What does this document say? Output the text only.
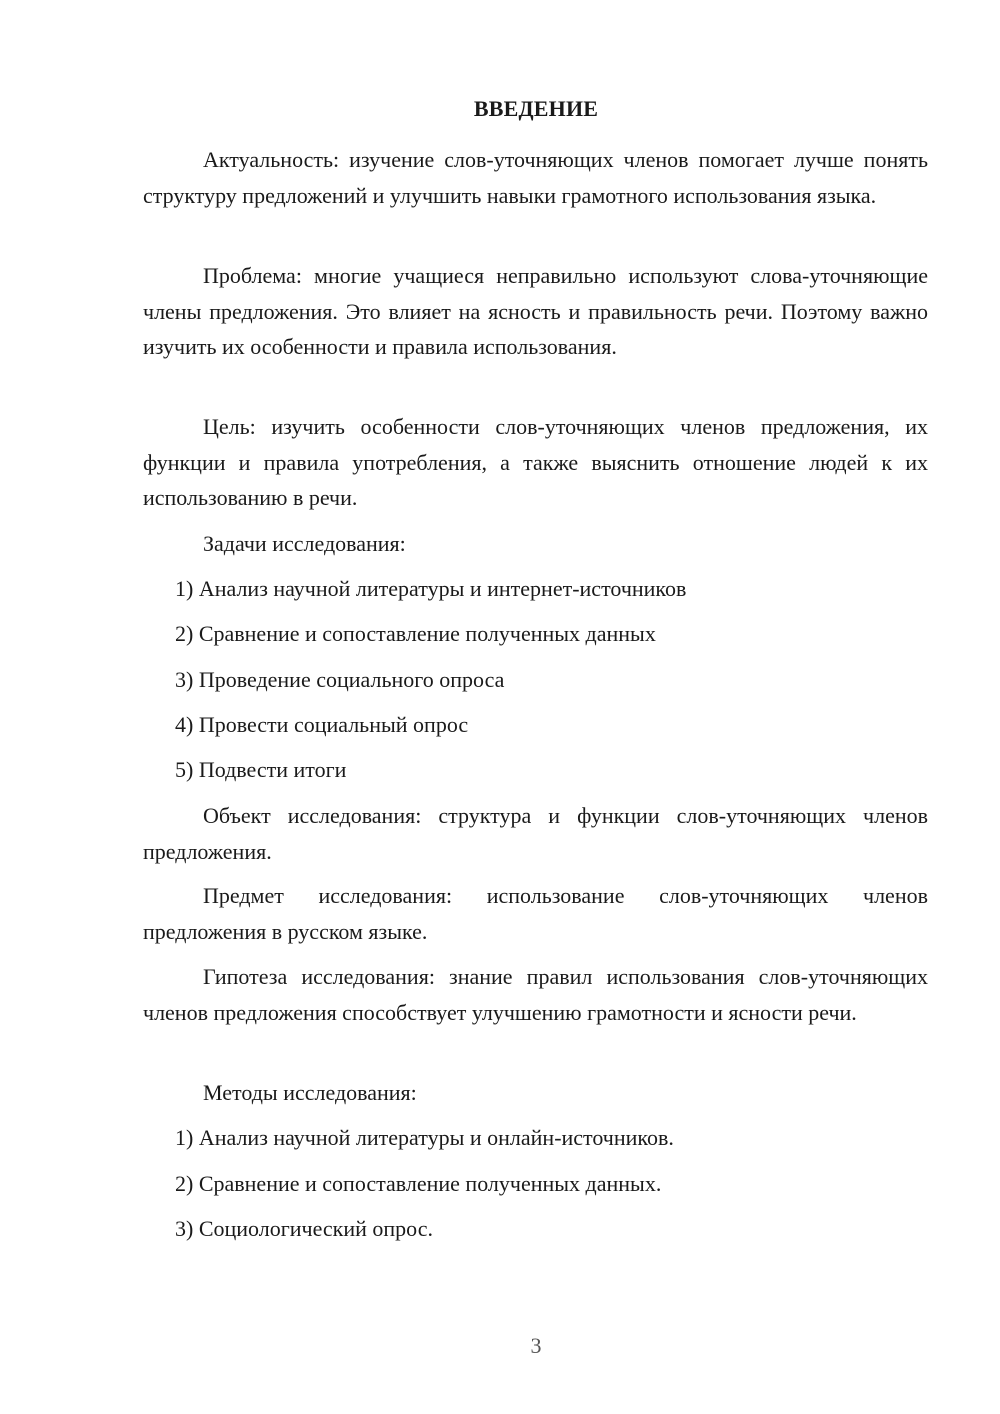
ВВЕДЕНИЕ

Актуальность: изучение слов-уточняющих членов помогает лучше понять структуру предложений и улучшить навыки грамотного использования языка.

Проблема: многие учащиеся неправильно используют слова-уточняющие члены предложения. Это влияет на ясность и правильность речи. Поэтому важно изучить их особенности и правила использования.

Цель: изучить особенности слов-уточняющих членов предложения, их функции и правила употребления, а также выяснить отношение людей к их использованию в речи.

Задачи исследования:

1) Анализ научной литературы и интернет-источников

2) Сравнение и сопоставление полученных данных

3) Проведение социального опроса

4) Провести социальный опрос

5) Подвести итоги

Объект исследования: структура и функции слов-уточняющих членов предложения.

Предмет исследования: использование слов-уточняющих членов предложения в русском языке.

Гипотеза исследования: знание правил использования слов-уточняющих членов предложения способствует улучшению грамотности и ясности речи.

Методы исследования:

1) Анализ научной литературы и онлайн-источников.

2) Сравнение и сопоставление полученных данных.

3) Социологический опрос.

3
